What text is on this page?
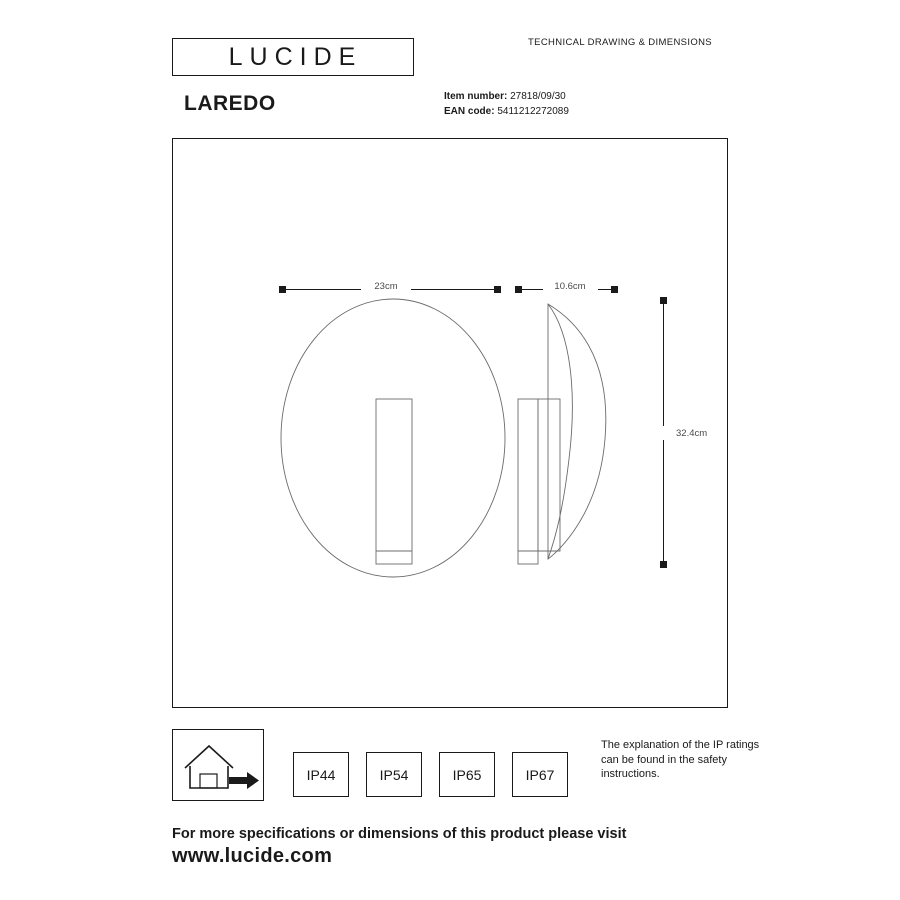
LUCIDE	TECHNICAL DRAWING & DIMENSIONS
LAREDO	Item number: 27818/09/30
EAN code: 5411212272089
23cm	10.6cm
32.4cm
IP44	IP54	IP65	IP67
The explanation of the IP ratings can be found in the safety instructions.
For more specifications or dimensions of this product please visit
www.lucide.com
